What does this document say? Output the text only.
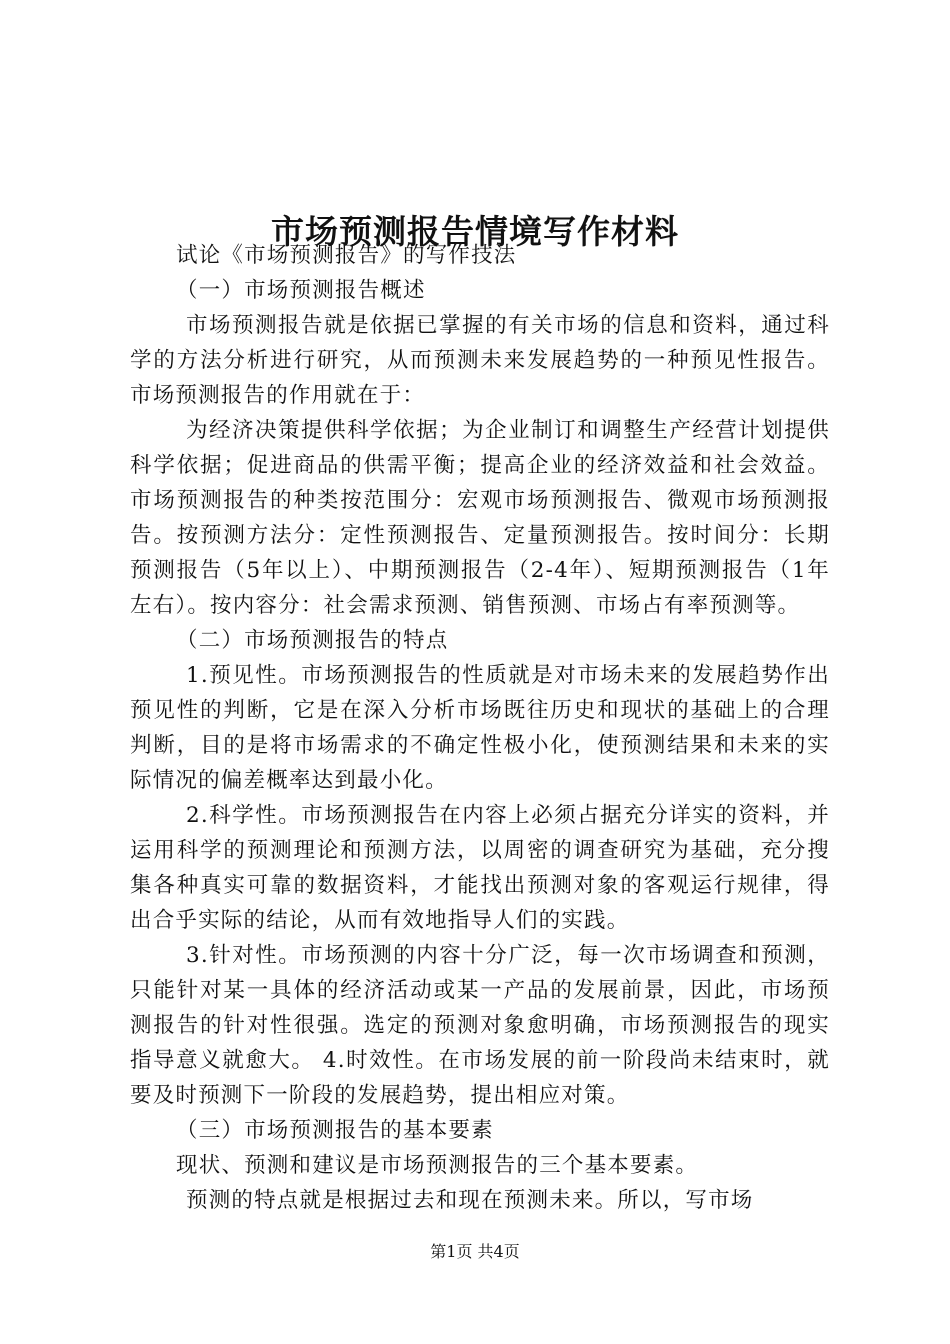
市场预测报告情境写作材料

试论《市场预测报告》的写作技法

（一）市场预测报告概述

市场预测报告就是依据已掌握的有关市场的信息和资料，通过科学的方法分析进行研究，从而预测未来发展趋势的一种预见性报告。市场预测报告的作用就在于：

为经济决策提供科学依据；为企业制订和调整生产经营计划提供科学依据；促进商品的供需平衡；提高企业的经济效益和社会效益。市场预测报告的种类按范围分：宏观市场预测报告、微观市场预测报告。按预测方法分：定性预测报告、定量预测报告。按时间分：长期预测报告（5年以上）、中期预测报告（2-4年）、短期预测报告（1年左右）。按内容分：社会需求预测、销售预测、市场占有率预测等。

（二）市场预测报告的特点

1.预见性。市场预测报告的性质就是对市场未来的发展趋势作出预见性的判断，它是在深入分析市场既往历史和现状的基础上的合理判断，目的是将市场需求的不确定性极小化，使预测结果和未来的实际情况的偏差概率达到最小化。

2.科学性。市场预测报告在内容上必须占据充分详实的资料，并运用科学的预测理论和预测方法，以周密的调查研究为基础，充分搜集各种真实可靠的数据资料，才能找出预测对象的客观运行规律，得出合乎实际的结论，从而有效地指导人们的实践。

3.针对性。市场预测的内容十分广泛，每一次市场调查和预测，只能针对某一具体的经济活动或某一产品的发展前景，因此，市场预测报告的针对性很强。选定的预测对象愈明确，市场预测报告的现实指导意义就愈大。 4.时效性。在市场发展的前一阶段尚未结束时，就要及时预测下一阶段的发展趋势，提出相应对策。

（三）市场预测报告的基本要素

现状、预测和建议是市场预测报告的三个基本要素。

预测的特点就是根据过去和现在预测未来。所以，写市场

第1页 共4页
